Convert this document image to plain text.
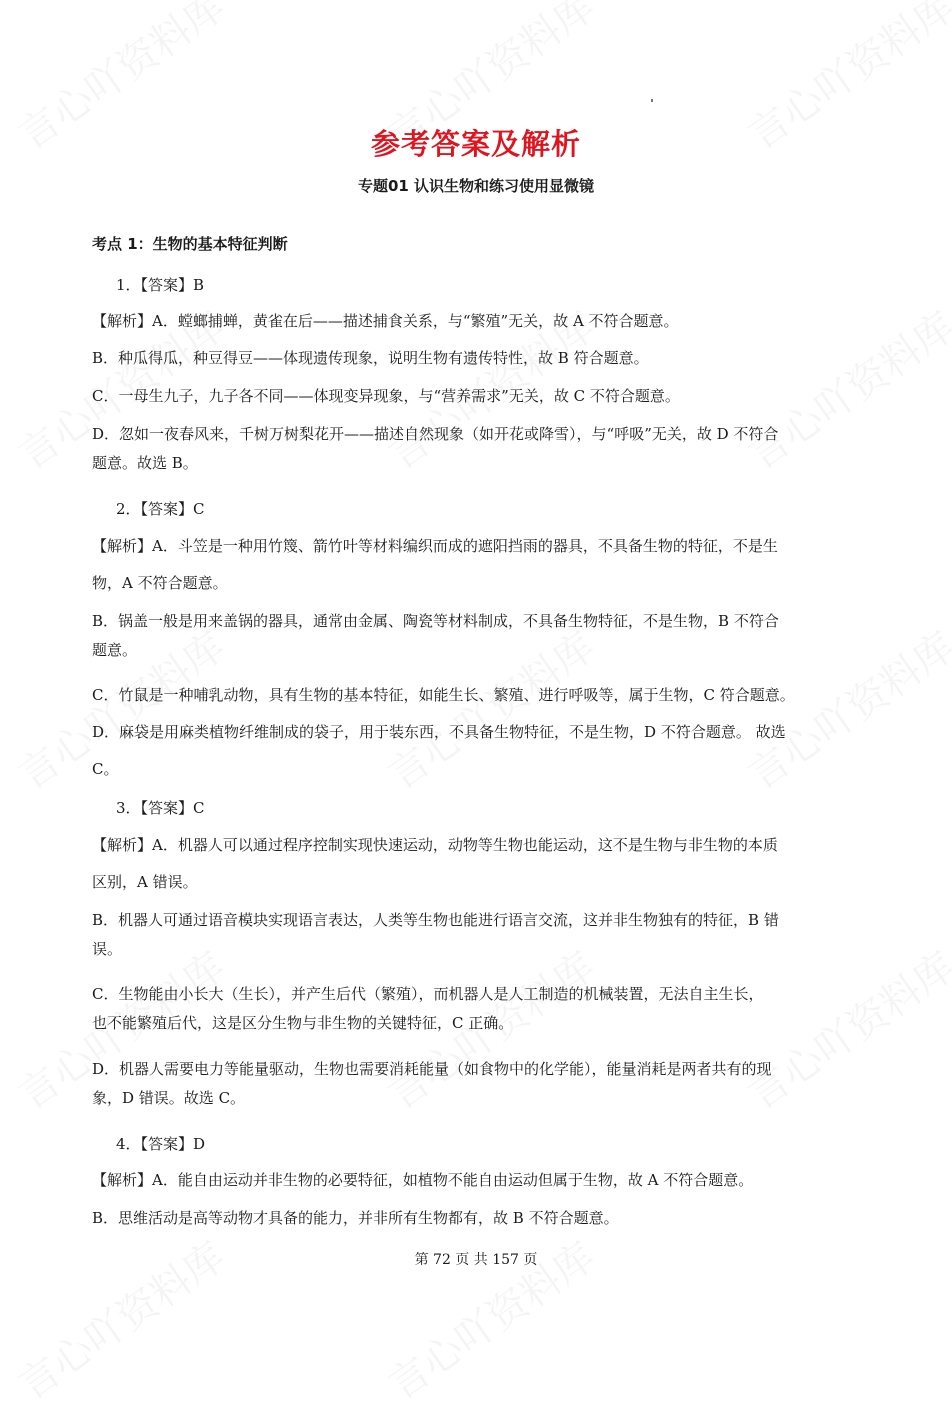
参考答案及解析
专题01 认识生物和练习使用显微镜
考点 1：生物的基本特征判断
1．【答案】B
【解析】A．螳螂捕蝉，黄雀在后——描述捕食关系，与“繁殖”无关，故 A 不符合题意。
B．种瓜得瓜，种豆得豆——体现遗传现象，说明生物有遗传特性，故 B 符合题意。
C．一母生九子，九子各不同——体现变异现象，与“营养需求”无关，故 C 不符合题意。
D．忽如一夜春风来，千树万树梨花开——描述自然现象（如开花或降雪），与“呼吸”无关，故 D 不符合
题意。故选 B。
2．【答案】C
【解析】A．斗笠是一种用竹篾、箭竹叶等材料编织而成的遮阳挡雨的器具，不具备生物的特征，不是生
物，A 不符合题意。
B．锅盖一般是用来盖锅的器具，通常由金属、陶瓷等材料制成，不具备生物特征，不是生物，B 不符合
题意。
C．竹鼠是一种哺乳动物，具有生物的基本特征，如能生长、繁殖、进行呼吸等，属于生物，C 符合题意。
D．麻袋是用麻类植物纤维制成的袋子，用于装东西，不具备生物特征，不是生物，D 不符合题意。 故选
C。
3．【答案】C
【解析】A．机器人可以通过程序控制实现快速运动，动物等生物也能运动，这不是生物与非生物的本质
区别，A 错误。
B．机器人可通过语音模块实现语言表达，人类等生物也能进行语言交流，这并非生物独有的特征，B 错
误。
C．生物能由小长大（生长），并产生后代（繁殖），而机器人是人工制造的机械装置，无法自主生长，
也不能繁殖后代，这是区分生物与非生物的关键特征，C 正确。
D．机器人需要电力等能量驱动，生物也需要消耗能量（如食物中的化学能），能量消耗是两者共有的现
象，D 错误。故选 C。
4．【答案】D
【解析】A．能自由运动并非生物的必要特征，如植物不能自由运动但属于生物，故 A 不符合题意。
B．思维活动是高等动物才具备的能力，并非所有生物都有，故 B 不符合题意。
第 72 页 共 157 页
